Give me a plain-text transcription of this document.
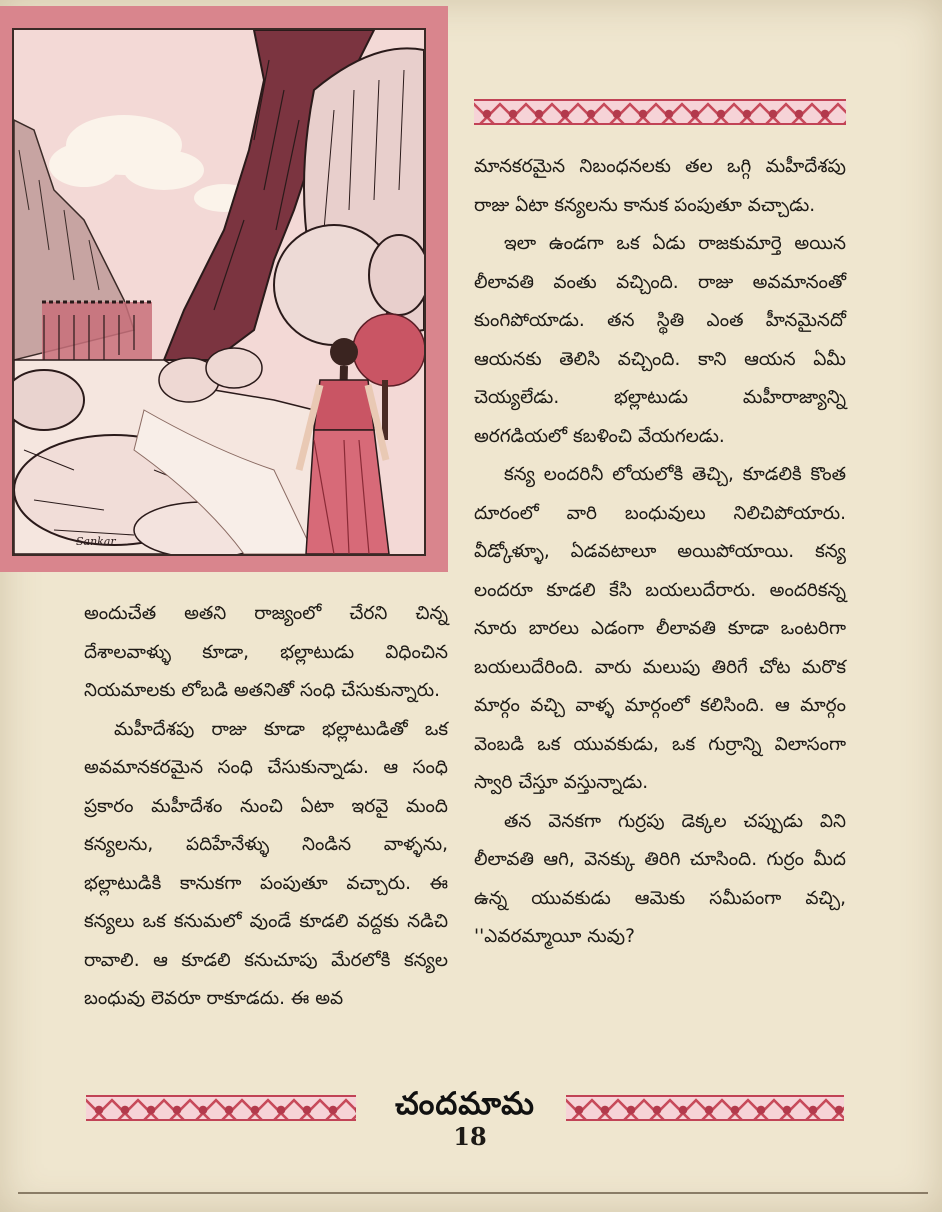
Sankar

మానకరమైన నిబంధనలకు తల ఒగ్గి మహీదేశపు రాజు ఏటా కన్యలను కానుక పంపుతూ వచ్చాడు.

ఇలా ఉండగా ఒక ఏడు రాజకుమార్తె అయిన లీలావతి వంతు వచ్చింది. రాజు అవమానంతో కుంగిపోయాడు. తన స్థితి ఎంత హీనమైనదో ఆయనకు తెలిసి వచ్చింది. కాని ఆయన ఏమీ చెయ్యలేడు. భల్లాటుడు మహీరాజ్యాన్ని అరగడియలో కబళించి వేయగలడు.

కన్య లందరినీ లోయలోకి తెచ్చి, కూడలికి కొంత దూరంలో వారి బంధువులు నిలిచిపోయారు. వీడ్కోళ్ళూ, ఏడవటాలూ అయిపోయాయి. కన్య లందరూ కూడలి కేసి బయలుదేరారు. అందరికన్న నూరు బారలు ఎడంగా లీలావతి కూడా ఒంటరిగా బయలుదేరింది. వారు మలుపు తిరిగే చోట మరొక మార్గం వచ్చి వాళ్ళ మార్గంలో కలిసింది. ఆ మార్గం వెంబడి ఒక యువకుడు, ఒక గుర్రాన్ని విలాసంగా స్వారి చేస్తూ వస్తున్నాడు.

తన వెనకగా గుర్రపు డెక్కల చప్పుడు విని లీలావతి ఆగి, వెనక్కు తిరిగి చూసింది. గుర్రం మీద ఉన్న యువకుడు ఆమెకు సమీపంగా వచ్చి, ''ఎవరమ్మాయీ నువు?

అందుచేత అతని రాజ్యంలో చేరని చిన్న దేశాలవాళ్ళు కూడా, భల్లాటుడు విధించిన నియమాలకు లోబడి అతనితో సంధి చేసుకున్నారు.

మహీదేశపు రాజు కూడా భల్లాటుడితో ఒక అవమానకరమైన సంధి చేసుకున్నాడు. ఆ సంధి ప్రకారం మహీదేశం నుంచి ఏటా ఇరవై మంది కన్యలను, పదిహేనేళ్ళు నిండిన వాళ్ళను, భల్లాటుడికి కానుకగా పంపుతూ వచ్చారు. ఈ కన్యలు ఒక కనుమలో వుండే కూడలి వద్దకు నడిచి రావాలి. ఆ కూడలి కనుచూపు మేరలోకి కన్యల బంధువు లెవరూ రాకూడదు. ఈ అవ

చందమామ
18
